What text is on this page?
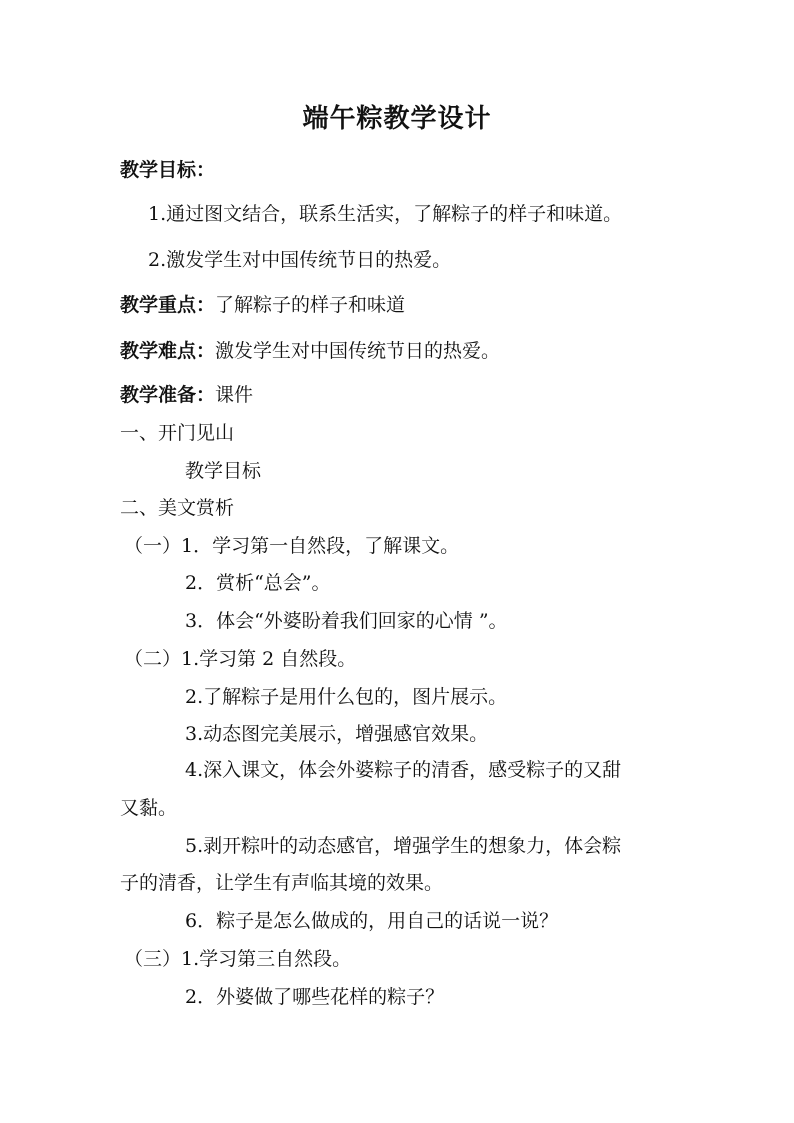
端午粽教学设计
教学目标：
1.通过图文结合，联系生活实，了解粽子的样子和味道。
2.激发学生对中国传统节日的热爱。
教学重点：了解粽子的样子和味道
教学难点：激发学生对中国传统节日的热爱。
教学准备：课件
一、开门见山
教学目标
二、美文赏析
（一）1．学习第一自然段，了解课文。
2．赏析“总会”。
3．体会“外婆盼着我们回家的心情 ”。
（二）1.学习第 2 自然段。
2.了解粽子是用什么包的，图片展示。
3.动态图完美展示，增强感官效果。
4.深入课文，体会外婆粽子的清香，感受粽子的又甜
又黏。
5.剥开粽叶的动态感官，增强学生的想象力，体会粽
子的清香，让学生有声临其境的效果。
6．粽子是怎么做成的，用自己的话说一说？
（三）1.学习第三自然段。
2．外婆做了哪些花样的粽子？
